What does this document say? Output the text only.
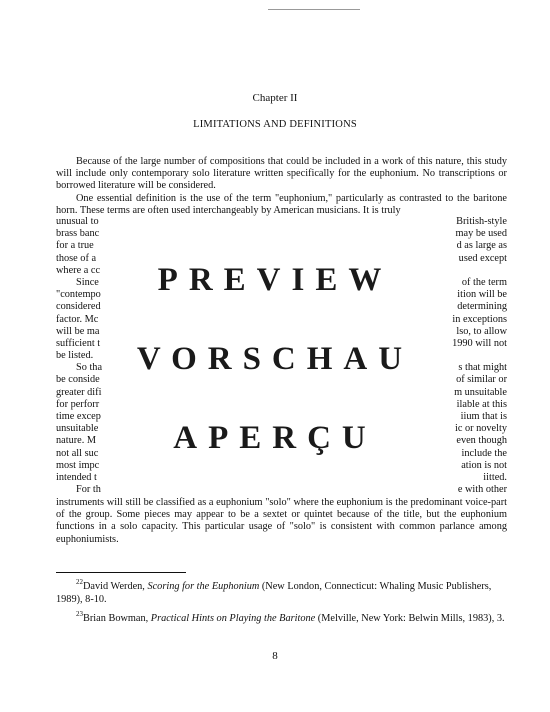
Chapter II
LIMITATIONS AND DEFINITIONS

Because of the large number of compositions that could be included in a work of this nature, this study will include only contemporary solo literature written specifically for the euphonium. No transcriptions or borrowed literature will be considered.

One essential definition is the use of the term "euphonium," particularly as contrasted to the baritone horn. These terms are often used interchangeably by American musicians. It is truly

unusual to	British-style
brass banc	may be used
for a true	d as large as
those of a	used except
where a cc
Since	of the term
"contempo	ition will be
considered	determining
factor. Mc	in exceptions
will be ma	lso, to allow
sufficient t	1990 will not
be listed.
So tha	s that might
be conside	of similar or
greater difi	m unsuitable
for perforr	ilable at this
time excep	iium that is
unsuitable	ic or novelty
nature. M	even though
not all suc	include the
most impc	ation is not
intended t	iitted.
For th	e with other
PREVIEW
VORSCHAU
APERÇU

instruments will still be classified as a euphonium "solo" where the euphonium is the predominant voice-part of the group. Some pieces may appear to be a sextet or quintet because of the title, but the euphonium functions in a solo capacity. This particular usage of "solo" is consistent with common parlance among euphoniumists.

$^{22}$David Werden, Scoring for the Euphonium (New London, Connecticut: Whaling Music Publishers, 1989), 8-10.

$^{23}$Brian Bowman, Practical Hints on Playing the Baritone (Melville, New York: Belwin Mills, 1983), 3.

8
